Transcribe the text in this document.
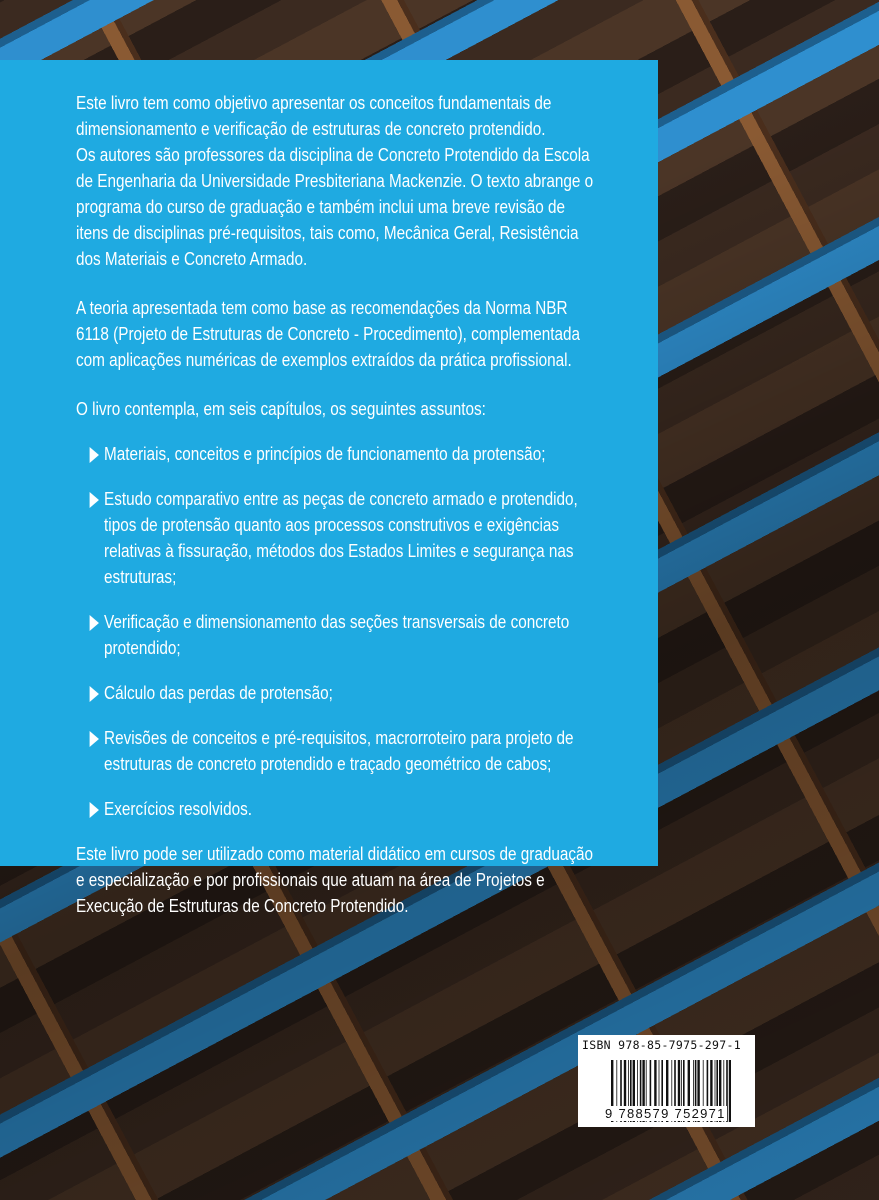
Este livro tem como objetivo apresentar os conceitos fundamentais de
dimensionamento e verificação de estruturas de concreto protendido.
Os autores são professores da disciplina de Concreto Protendido da Escola
de Engenharia da Universidade Presbiteriana Mackenzie. O texto abrange o
programa do curso de graduação e também inclui uma breve revisão de
itens de disciplinas pré-requisitos, tais como, Mecânica Geral, Resistência
dos Materiais e Concreto Armado.

A teoria apresentada tem como base as recomendações da Norma NBR
6118 (Projeto de Estruturas de Concreto - Procedimento), complementada
com aplicações numéricas de exemplos extraídos da prática profissional.

O livro contempla, em seis capítulos, os seguintes assuntos:

Materiais, conceitos e princípios de funcionamento da protensão;
Estudo comparativo entre as peças de concreto armado e protendido,
tipos de protensão quanto aos processos construtivos e exigências
relativas à fissuração, métodos dos Estados Limites e segurança nas
estruturas;
Verificação e dimensionamento das seções transversais de concreto
protendido;
Cálculo das perdas de protensão;
Revisões de conceitos e pré-requisitos, macrorroteiro para projeto de
estruturas de concreto protendido e traçado geométrico de cabos;
Exercícios resolvidos.

Este livro pode ser utilizado como material didático em cursos de graduação
e especialização e por profissionais que atuam na área de Projetos e
Execução de Estruturas de Concreto Protendido.

ISBN 978-85-7975-297-1
9 788579 752971
